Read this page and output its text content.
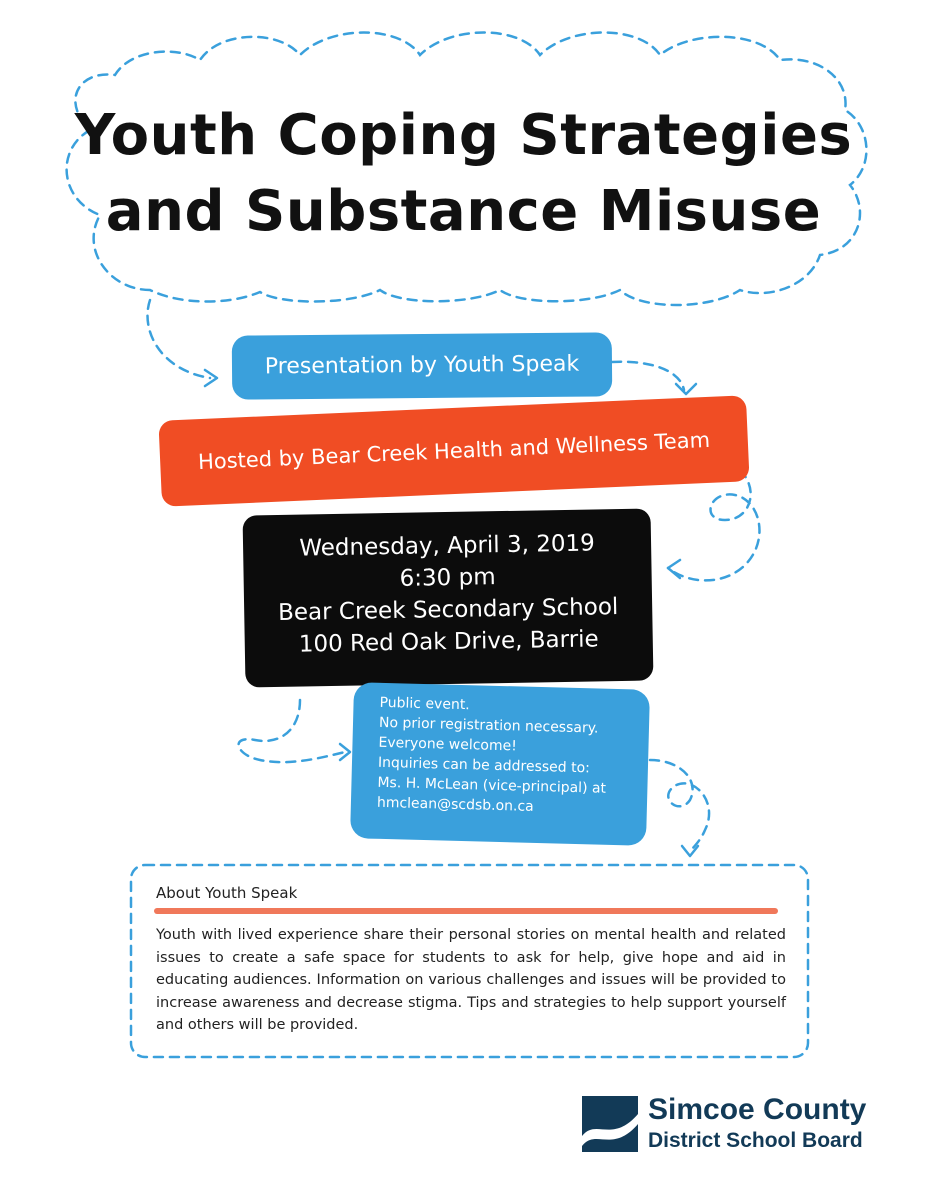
Youth Coping Strategies
and Substance Misuse
Presentation by Youth Speak
Hosted by Bear Creek Health and Wellness Team
Wednesday, April 3, 2019
6:30 pm
Bear Creek Secondary School
100 Red Oak Drive, Barrie
Public event.
No prior registration necessary.
Everyone welcome!
Inquiries can be addressed to:
Ms. H. McLean (vice-principal) at
hmclean@scdsb.on.ca
About Youth Speak
Youth with lived experience share their personal stories on mental health and related issues to create a safe space for students to ask for help, give hope and aid in educating audiences. Information on various challenges and issues will be provided to increase awareness and decrease stigma. Tips and strategies to help support yourself and others will be provided.
Simcoe County
District School Board
